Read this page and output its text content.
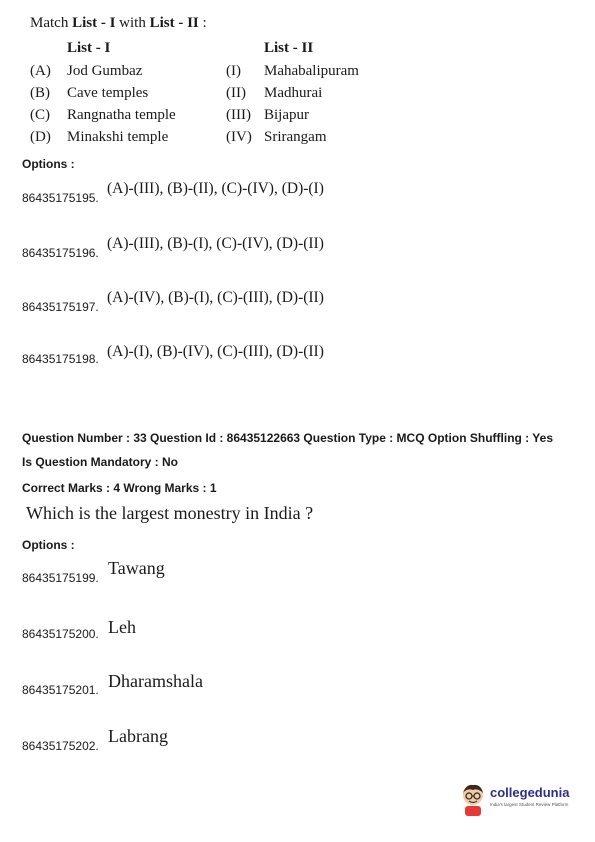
Match List - I with List - II :
List - I	List - II
(A) Jod Gumbaz	(I) Mahabalipuram
(B) Cave temples	(II) Madhurai
(C) Rangnatha temple	(III) Bijapur
(D) Minakshi temple	(IV) Srirangam
Options :
86435175195.
(A)-(III), (B)-(II), (C)-(IV), (D)-(I)
86435175196.
(A)-(III), (B)-(I), (C)-(IV), (D)-(II)
86435175197.
(A)-(IV), (B)-(I), (C)-(III), (D)-(II)
86435175198. (A)-(I), (B)-(IV), (C)-(III), (D)-(II)
Question Number : 33 Question Id : 86435122663 Question Type : MCQ Option Shuffling : Yes
Is Question Mandatory : No
Correct Marks : 4 Wrong Marks : 1
Which is the largest monestry in India ?
Options :
86435175199. Tawang
86435175200. Leh
86435175201. Dharamshala
86435175202. Labrang
collegedunia
India's largest Student Review Platform
